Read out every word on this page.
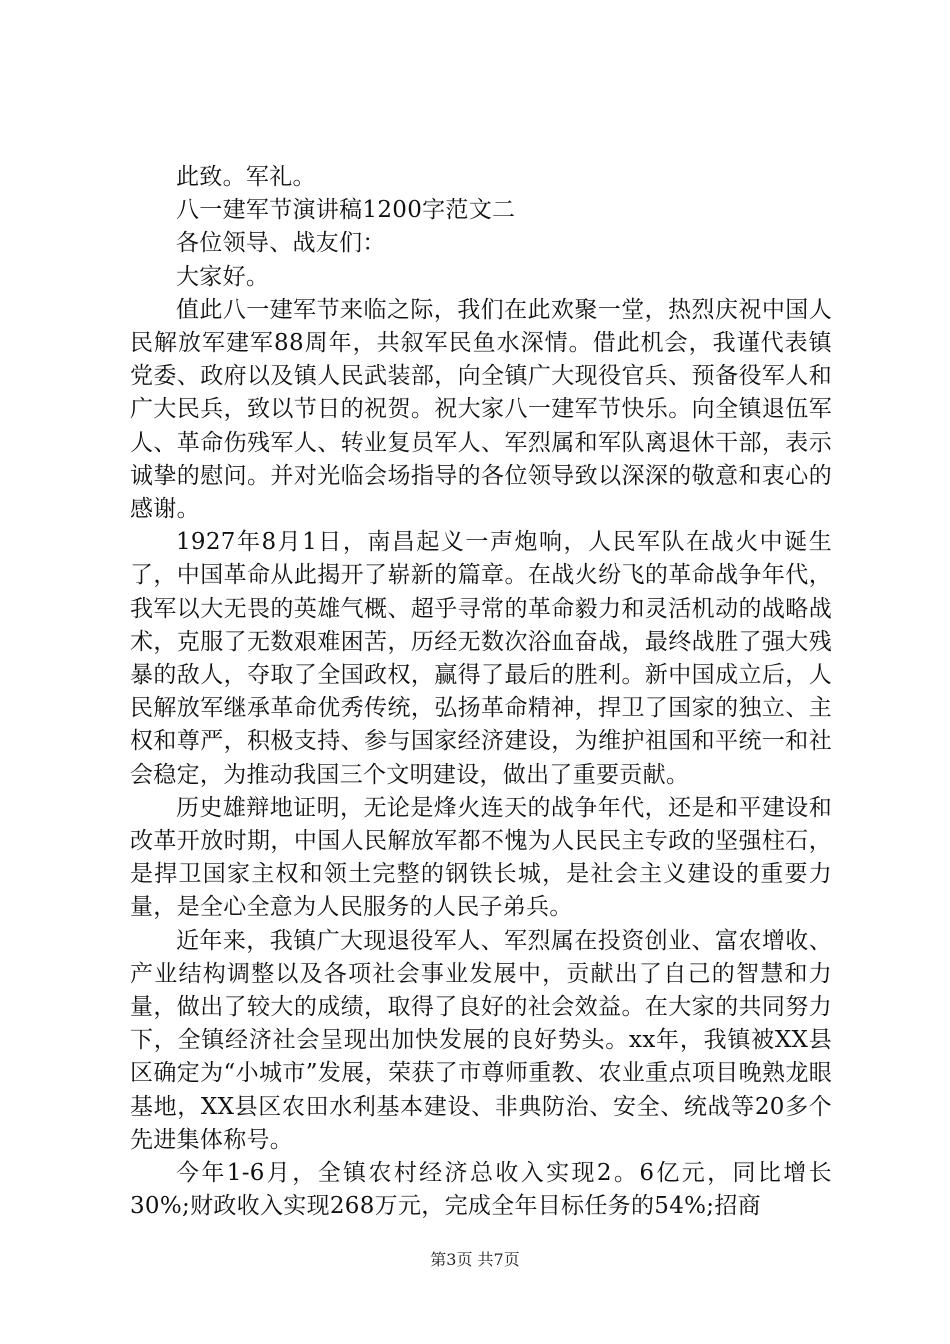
此致。军礼。

八一建军节演讲稿1200字范文二

各位领导、战友们：

大家好。

值此八一建军节来临之际，我们在此欢聚一堂，热烈庆祝中国人民解放军建军88周年，共叙军民鱼水深情。借此机会，我谨代表镇党委、政府以及镇人民武装部，向全镇广大现役官兵、预备役军人和广大民兵，致以节日的祝贺。祝大家八一建军节快乐。向全镇退伍军人、革命伤残军人、转业复员军人、军烈属和军队离退休干部，表示诚挚的慰问。并对光临会场指导的各位领导致以深深的敬意和衷心的感谢。

1927年8月1日，南昌起义一声炮响，人民军队在战火中诞生了，中国革命从此揭开了崭新的篇章。在战火纷飞的革命战争年代，我军以大无畏的英雄气概、超乎寻常的革命毅力和灵活机动的战略战术，克服了无数艰难困苦，历经无数次浴血奋战，最终战胜了强大残暴的敌人，夺取了全国政权，赢得了最后的胜利。新中国成立后，人民解放军继承革命优秀传统，弘扬革命精神，捍卫了国家的独立、主权和尊严，积极支持、参与国家经济建设，为维护祖国和平统一和社会稳定，为推动我国三个文明建设，做出了重要贡献。

历史雄辩地证明，无论是烽火连天的战争年代，还是和平建设和改革开放时期，中国人民解放军都不愧为人民民主专政的坚强柱石，是捍卫国家主权和领土完整的钢铁长城，是社会主义建设的重要力量，是全心全意为人民服务的人民子弟兵。

近年来，我镇广大现退役军人、军烈属在投资创业、富农增收、产业结构调整以及各项社会事业发展中，贡献出了自己的智慧和力量，做出了较大的成绩，取得了良好的社会效益。在大家的共同努力下，全镇经济社会呈现出加快发展的良好势头。xx年，我镇被XX县区确定为“小城市”发展，荣获了市尊师重教、农业重点项目晚熟龙眼基地，XX县区农田水利基本建设、非典防治、安全、统战等20多个先进集体称号。

今年1-6月，全镇农村经济总收入实现2。6亿元，同比增长30%;财政收入实现268万元，完成全年目标任务的54%;招商

第3页 共7页
